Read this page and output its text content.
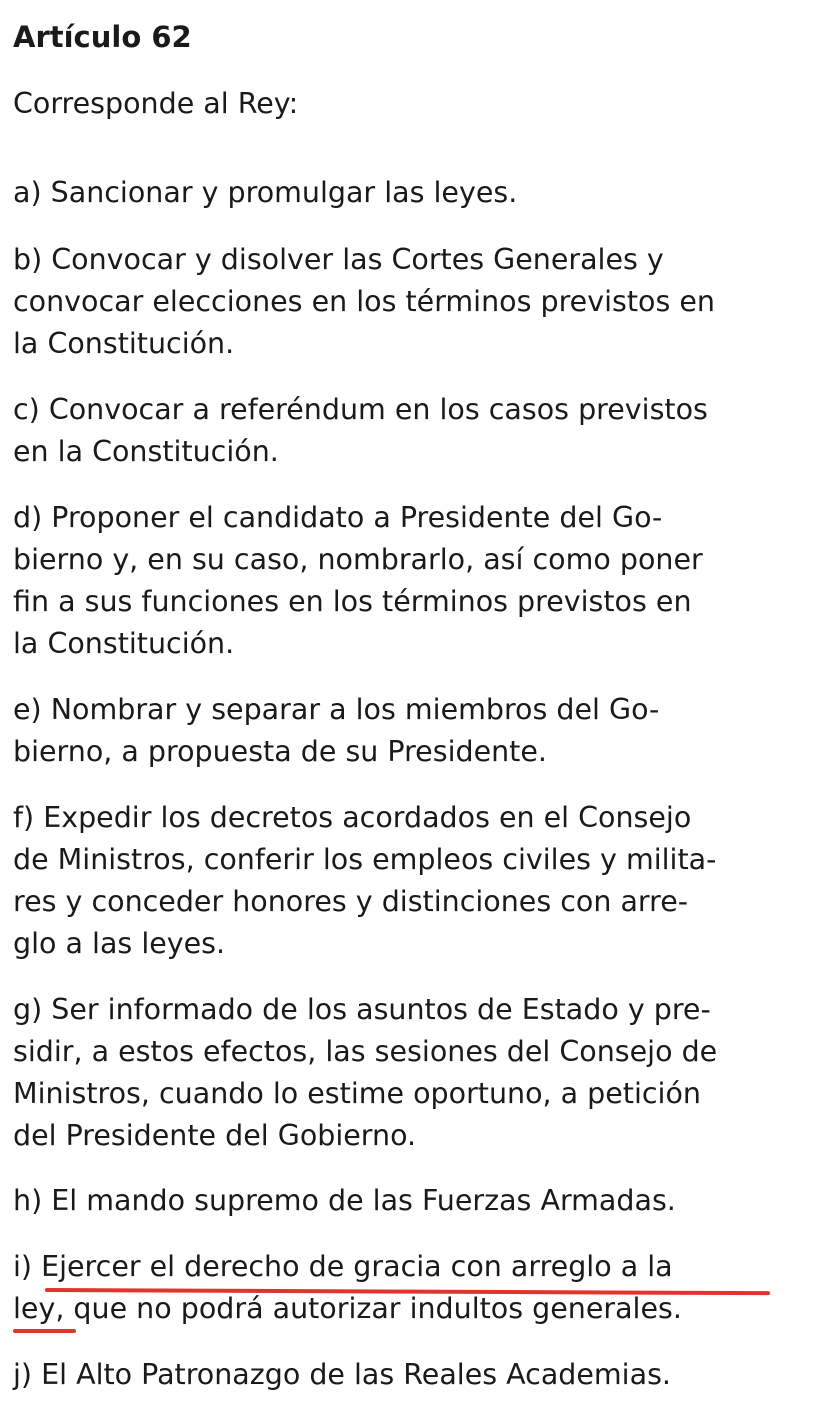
Artículo 62

Corresponde al Rey:

a) Sancionar y promulgar las leyes.

b) Convocar y disolver las Cortes Generales y
convocar elecciones en los términos previstos en
la Constitución.

c) Convocar a referéndum en los casos previstos
en la Constitución.

d) Proponer el candidato a Presidente del Go-
bierno y, en su caso, nombrarlo, así como poner
fin a sus funciones en los términos previstos en
la Constitución.

e) Nombrar y separar a los miembros del Go-
bierno, a propuesta de su Presidente.

f) Expedir los decretos acordados en el Consejo
de Ministros, conferir los empleos civiles y milita-
res y conceder honores y distinciones con arre-
glo a las leyes.

g) Ser informado de los asuntos de Estado y pre-
sidir, a estos efectos, las sesiones del Consejo de
Ministros, cuando lo estime oportuno, a petición
del Presidente del Gobierno.

h) El mando supremo de las Fuerzas Armadas.

i) Ejercer el derecho de gracia con arreglo a la
ley, que no podrá autorizar indultos generales.

j) El Alto Patronazgo de las Reales Academias.
